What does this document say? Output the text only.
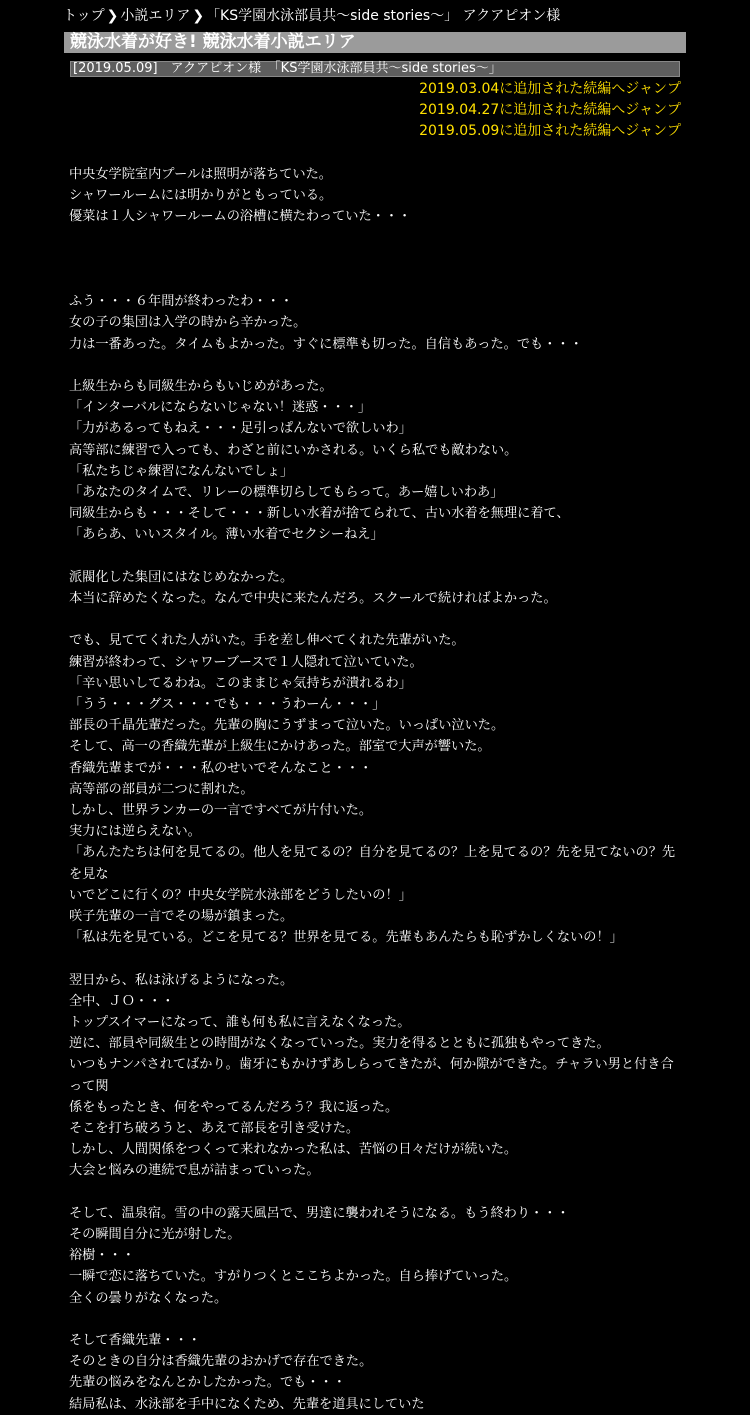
トップ ❯ 小説エリア ❯ 「KS学園水泳部員共～side stories～」 アクアピオン様
競泳水着が好き! 競泳水着小説エリア
[2019.05.09]　アクアピオン様　「KS学園水泳部員共～side stories～」
2019.03.04に追加された続編へジャンプ
2019.04.27に追加された続編へジャンプ
2019.05.09に追加された続編へジャンプ
中央女学院室内プールは照明が落ちていた。
シャワールームには明かりがともっている。
優菜は１人シャワールームの浴槽に横たわっていた・・・
ふう・・・６年間が終わったわ・・・
女の子の集団は入学の時から辛かった。
力は一番あった。タイムもよかった。すぐに標準も切った。自信もあった。でも・・・
上級生からも同級生からもいじめがあった。
「インターバルにならないじゃない！迷惑・・・」
「力があるってもねえ・・・足引っぱんないで欲しいわ」
高等部に練習で入っても、わざと前にいかされる。いくら私でも敵わない。
「私たちじゃ練習になんないでしょ」
「あなたのタイムで、リレーの標準切らしてもらって。あー嬉しいわあ」
同級生からも・・・そして・・・新しい水着が捨てられて、古い水着を無理に着て、
「あらあ、いいスタイル。薄い水着でセクシーねえ」
派閥化した集団にはなじめなかった。
本当に辞めたくなった。なんで中央に来たんだろ。スクールで続ければよかった。
でも、見ててくれた人がいた。手を差し伸べてくれた先輩がいた。
練習が終わって、シャワーブースで１人隠れて泣いていた。
「辛い思いしてるわね。このままじゃ気持ちが潰れるわ」
「うう・・・グス・・・でも・・・うわーん・・・」
部長の千晶先輩だった。先輩の胸にうずまって泣いた。いっぱい泣いた。
そして、高一の香織先輩が上級生にかけあった。部室で大声が響いた。
香織先輩までが・・・私のせいでそんなこと・・・
高等部の部員が二つに割れた。
しかし、世界ランカーの一言ですべてが片付いた。
実力には逆らえない。
「あんたたちは何を見てるの。他人を見てるの？自分を見てるの？上を見てるの？先を見てないの？先を見な
いでどこに行くの？中央女学院水泳部をどうしたいの！」
咲子先輩の一言でその場が鎮まった。
「私は先を見ている。どこを見てる？世界を見てる。先輩もあんたらも恥ずかしくないの！」
翌日から、私は泳げるようになった。
全中、ＪＯ・・・
トップスイマーになって、誰も何も私に言えなくなった。
逆に、部員や同級生との時間がなくなっていった。実力を得るとともに孤独もやってきた。
いつもナンパされてばかり。歯牙にもかけずあしらってきたが、何か隙ができた。チャラい男と付き合って関
係をもったとき、何をやってるんだろう？我に返った。
そこを打ち破ろうと、あえて部長を引き受けた。
しかし、人間関係をつくって来れなかった私は、苦悩の日々だけが続いた。
大会と悩みの連続で息が詰まっていった。
そして、温泉宿。雪の中の露天風呂で、男達に襲われそうになる。もう終わり・・・
その瞬間自分に光が射した。
裕樹・・・
一瞬で恋に落ちていた。すがりつくとここちよかった。自ら捧げていった。
全くの曇りがなくなった。
そして香織先輩・・・
そのときの自分は香織先輩のおかげで存在できた。
先輩の悩みをなんとかしたかった。でも・・・
結局私は、水泳部を手中になくため、先輩を道具にしていた
